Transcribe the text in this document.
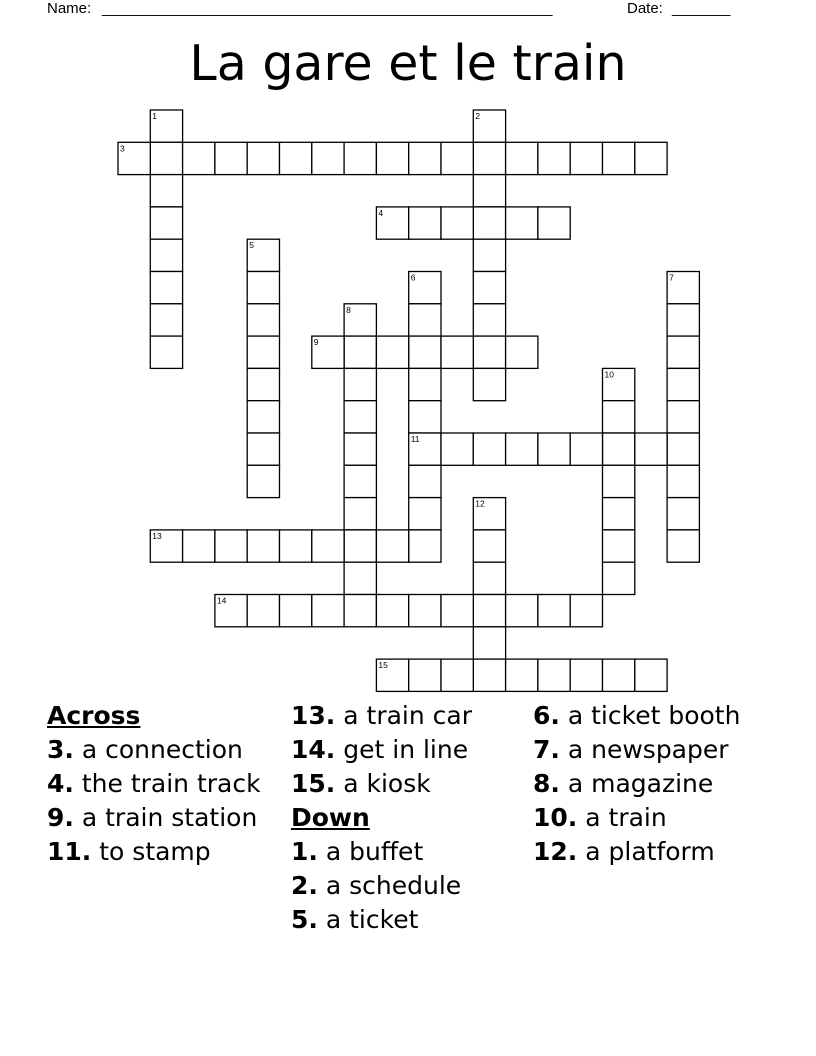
Name: ______________________________________________________	Date: _______
La gare et le train
1	2
3
4
5
6	7
8
9
10
11
12
13
14
15
Across
3. a connection
4. the train track
9. a train station
11. to stamp
13. a train car
14. get in line
15. a kiosk
Down
1. a buffet
2. a schedule
5. a ticket
6. a ticket booth
7. a newspaper
8. a magazine
10. a train
12. a platform
